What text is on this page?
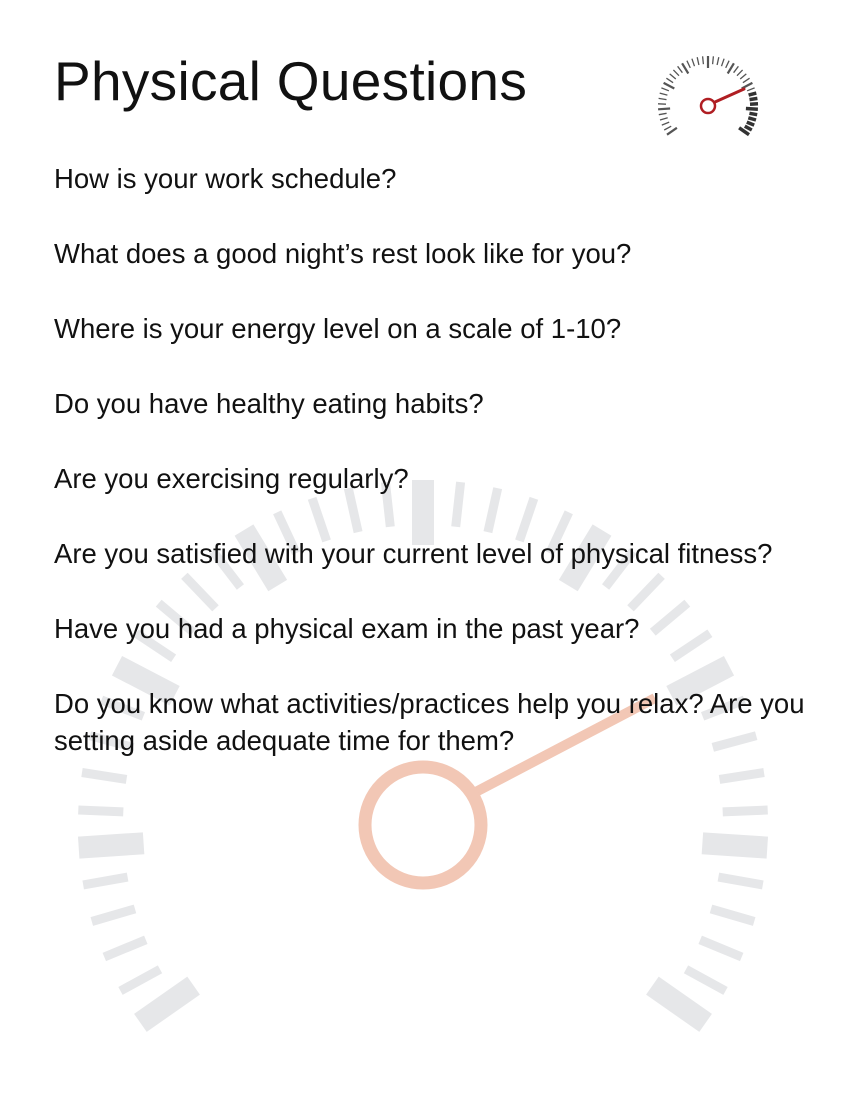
Physical Questions
How is your work schedule?
What does a good night’s rest look like for you?
Where is your energy level on a scale of 1-10?
Do you have healthy eating habits?
Are you exercising regularly?
Are you satisfied with your current level of physical fitness?
Have you had a physical exam in the past year?
Do you know what activities/practices help you relax? Are you setting aside adequate time for them?
